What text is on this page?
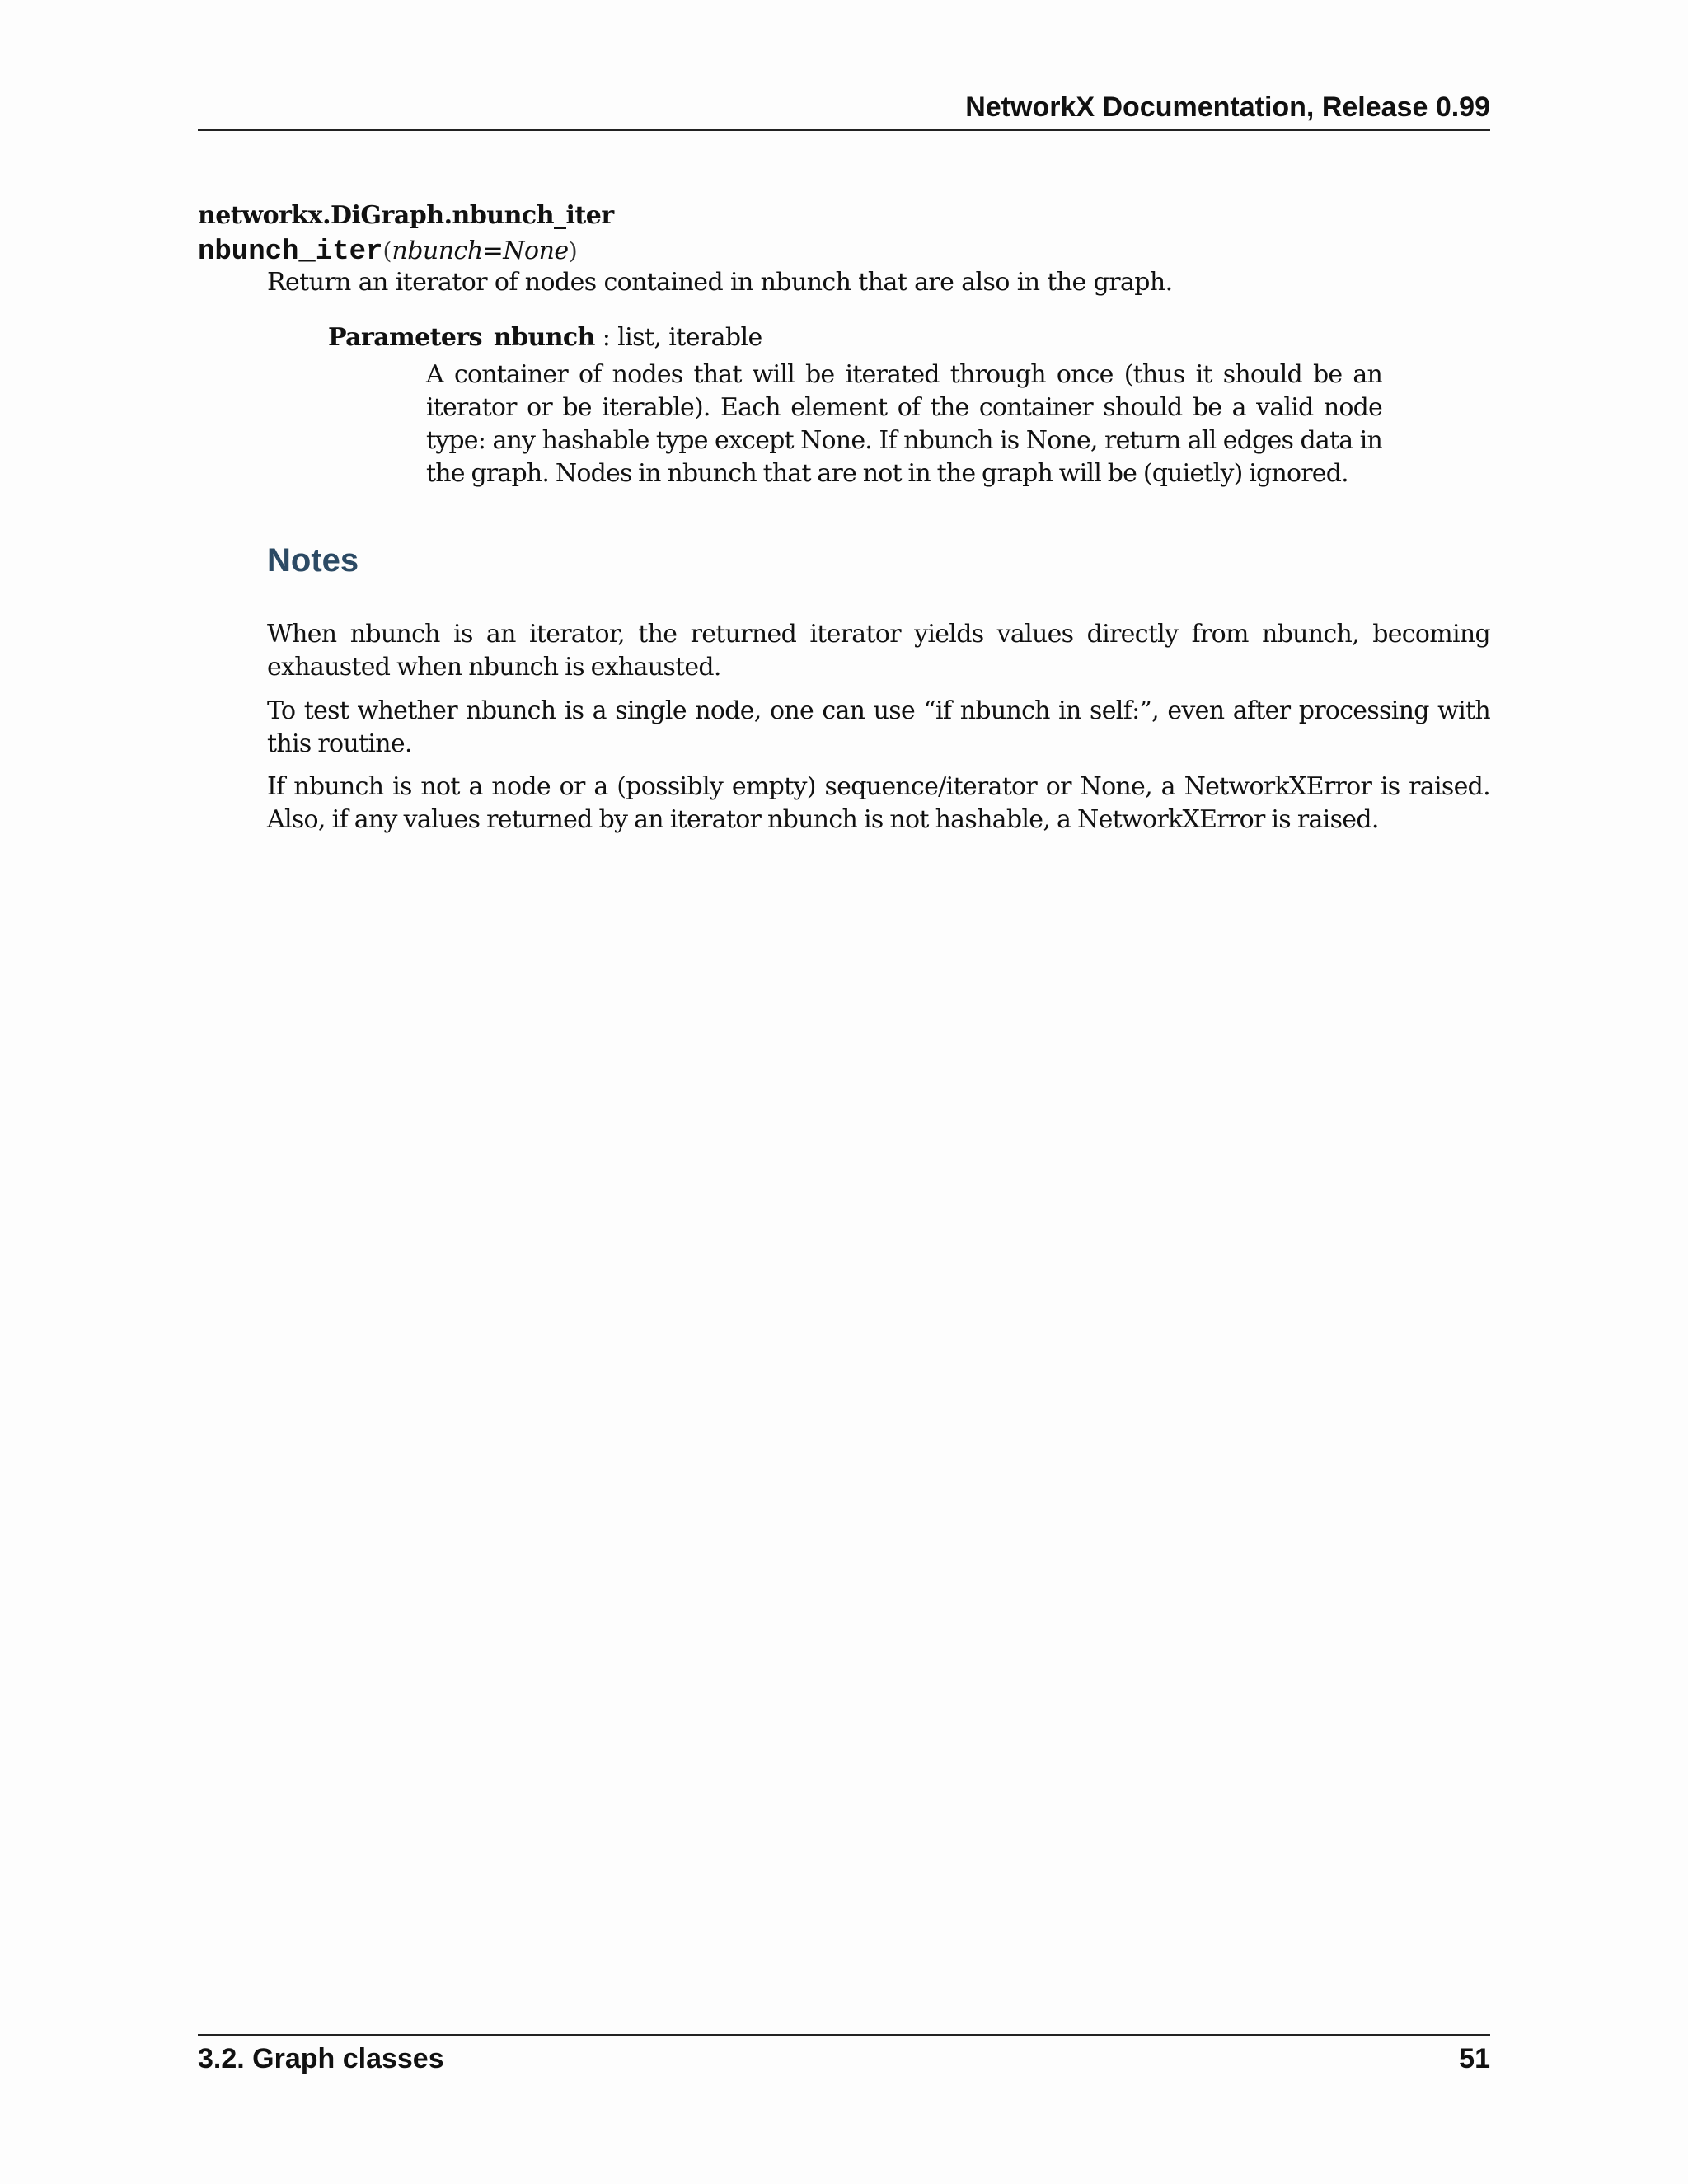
NetworkX Documentation, Release 0.99
networkx.DiGraph.nbunch_iter
nbunch_iter(nbunch=None)
Return an iterator of nodes contained in nbunch that are also in the graph.
Parameters nbunch : list, iterable
A container of nodes that will be iterated through once (thus it should be an iterator or be iterable). Each element of the container should be a valid node type: any hashable type except None. If nbunch is None, return all edges data in the graph. Nodes in nbunch that are not in the graph will be (quietly) ignored.
Notes
When nbunch is an iterator, the returned iterator yields values directly from nbunch, becoming exhausted when nbunch is exhausted.
To test whether nbunch is a single node, one can use “if nbunch in self:”, even after processing with this routine.
If nbunch is not a node or a (possibly empty) sequence/iterator or None, a NetworkXError is raised. Also, if any values returned by an iterator nbunch is not hashable, a NetworkXError is raised.
3.2. Graph classes	51
